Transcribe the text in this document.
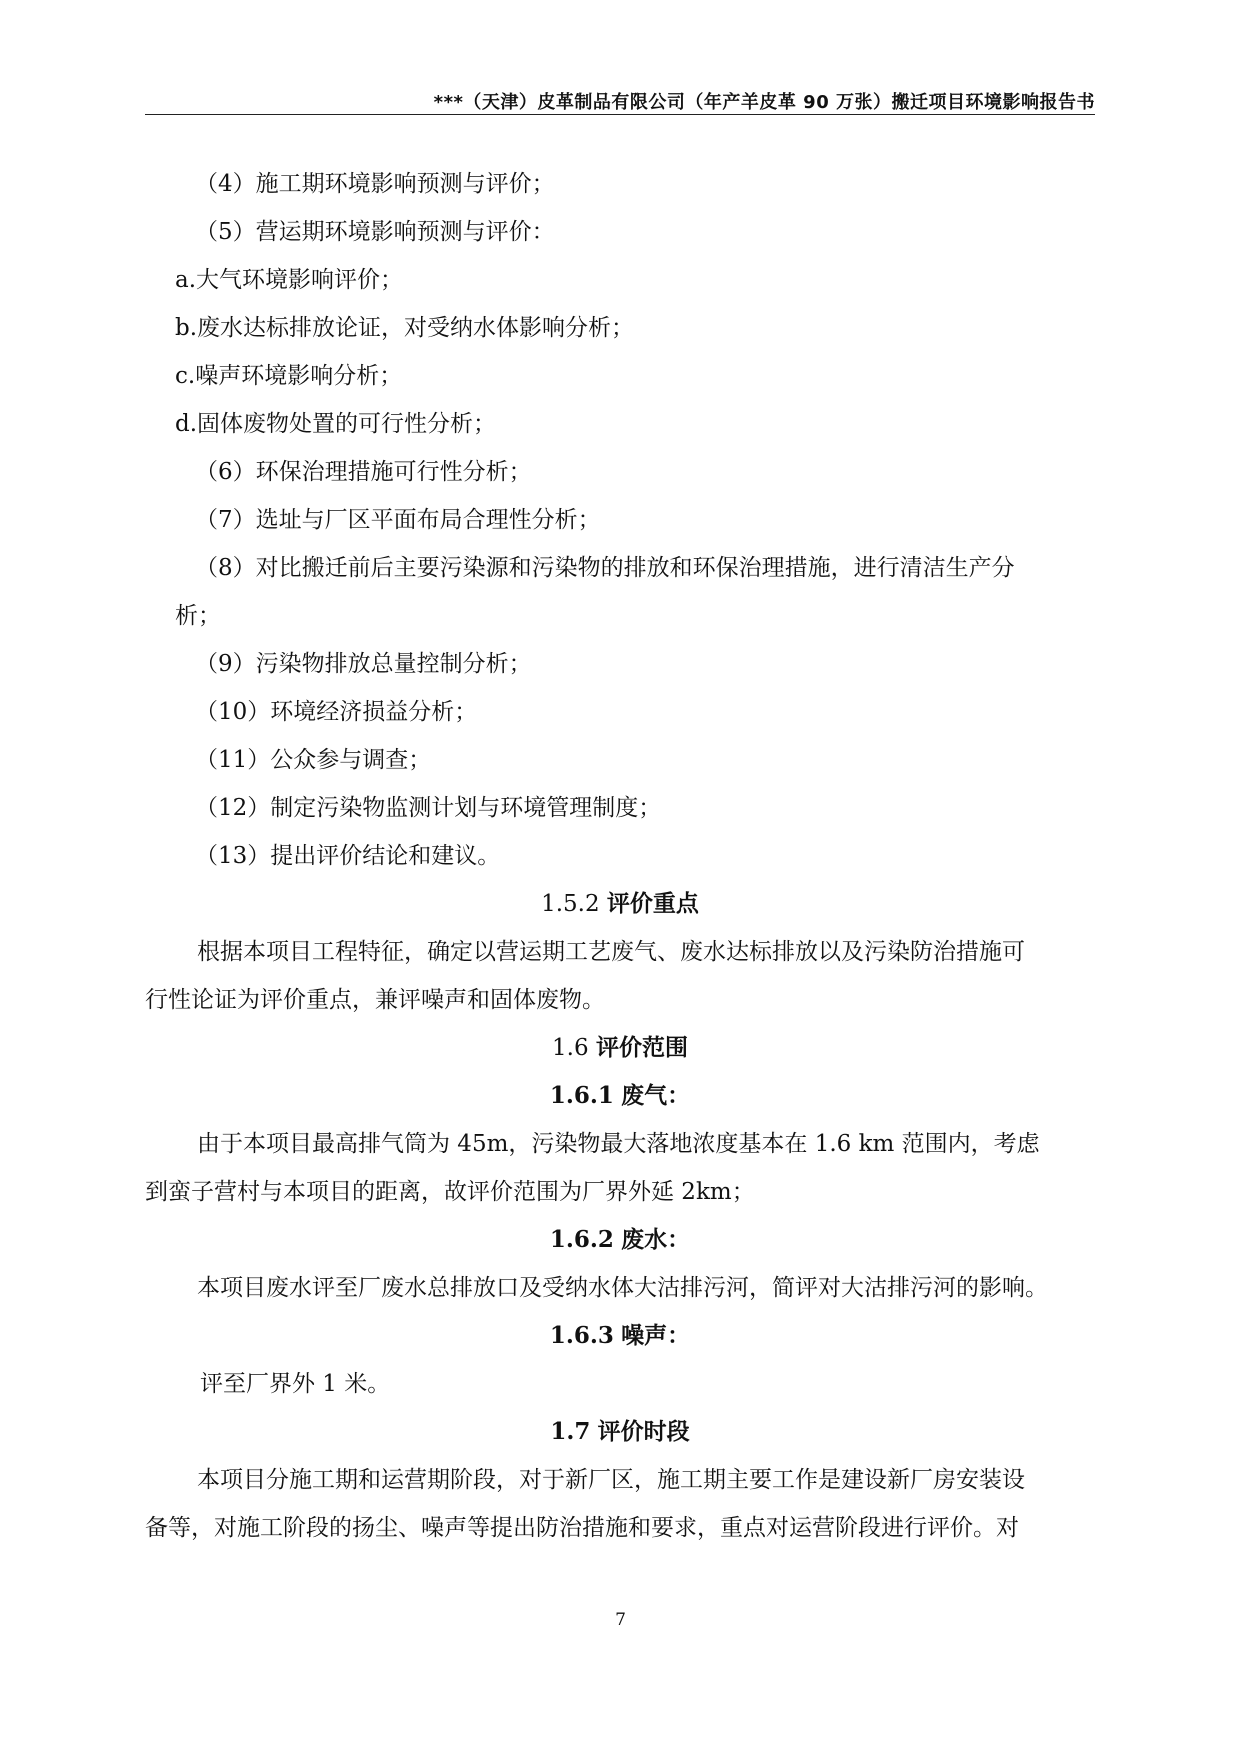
***（天津）皮革制品有限公司（年产羊皮革 90 万张）搬迁项目环境影响报告书

（4）施工期环境影响预测与评价；

（5）营运期环境影响预测与评价：

a.大气环境影响评价；

b.废水达标排放论证，对受纳水体影响分析；

c.噪声环境影响分析；

d.固体废物处置的可行性分析；

（6）环保治理措施可行性分析；

（7）选址与厂区平面布局合理性分析；

（8）对比搬迁前后主要污染源和污染物的排放和环保治理措施，进行清洁生产分

析；

（9）污染物排放总量控制分析；

（10）环境经济损益分析；

（11）公众参与调查；

（12）制定污染物监测计划与环境管理制度；

（13）提出评价结论和建议。

1.5.2 评价重点

根据本项目工程特征，确定以营运期工艺废气、废水达标排放以及污染防治措施可

行性论证为评价重点，兼评噪声和固体废物。

1.6 评价范围

1.6.1 废气：

由于本项目最高排气筒为 45m，污染物最大落地浓度基本在 1.6 km 范围内，考虑

到蛮子营村与本项目的距离，故评价范围为厂界外延 2km；

1.6.2 废水：

本项目废水评至厂废水总排放口及受纳水体大沽排污河，简评对大沽排污河的影响。

1.6.3 噪声：

评至厂界外 1 米。

1.7 评价时段

本项目分施工期和运营期阶段，对于新厂区，施工期主要工作是建设新厂房安装设

备等，对施工阶段的扬尘、噪声等提出防治措施和要求，重点对运营阶段进行评价。对

7
